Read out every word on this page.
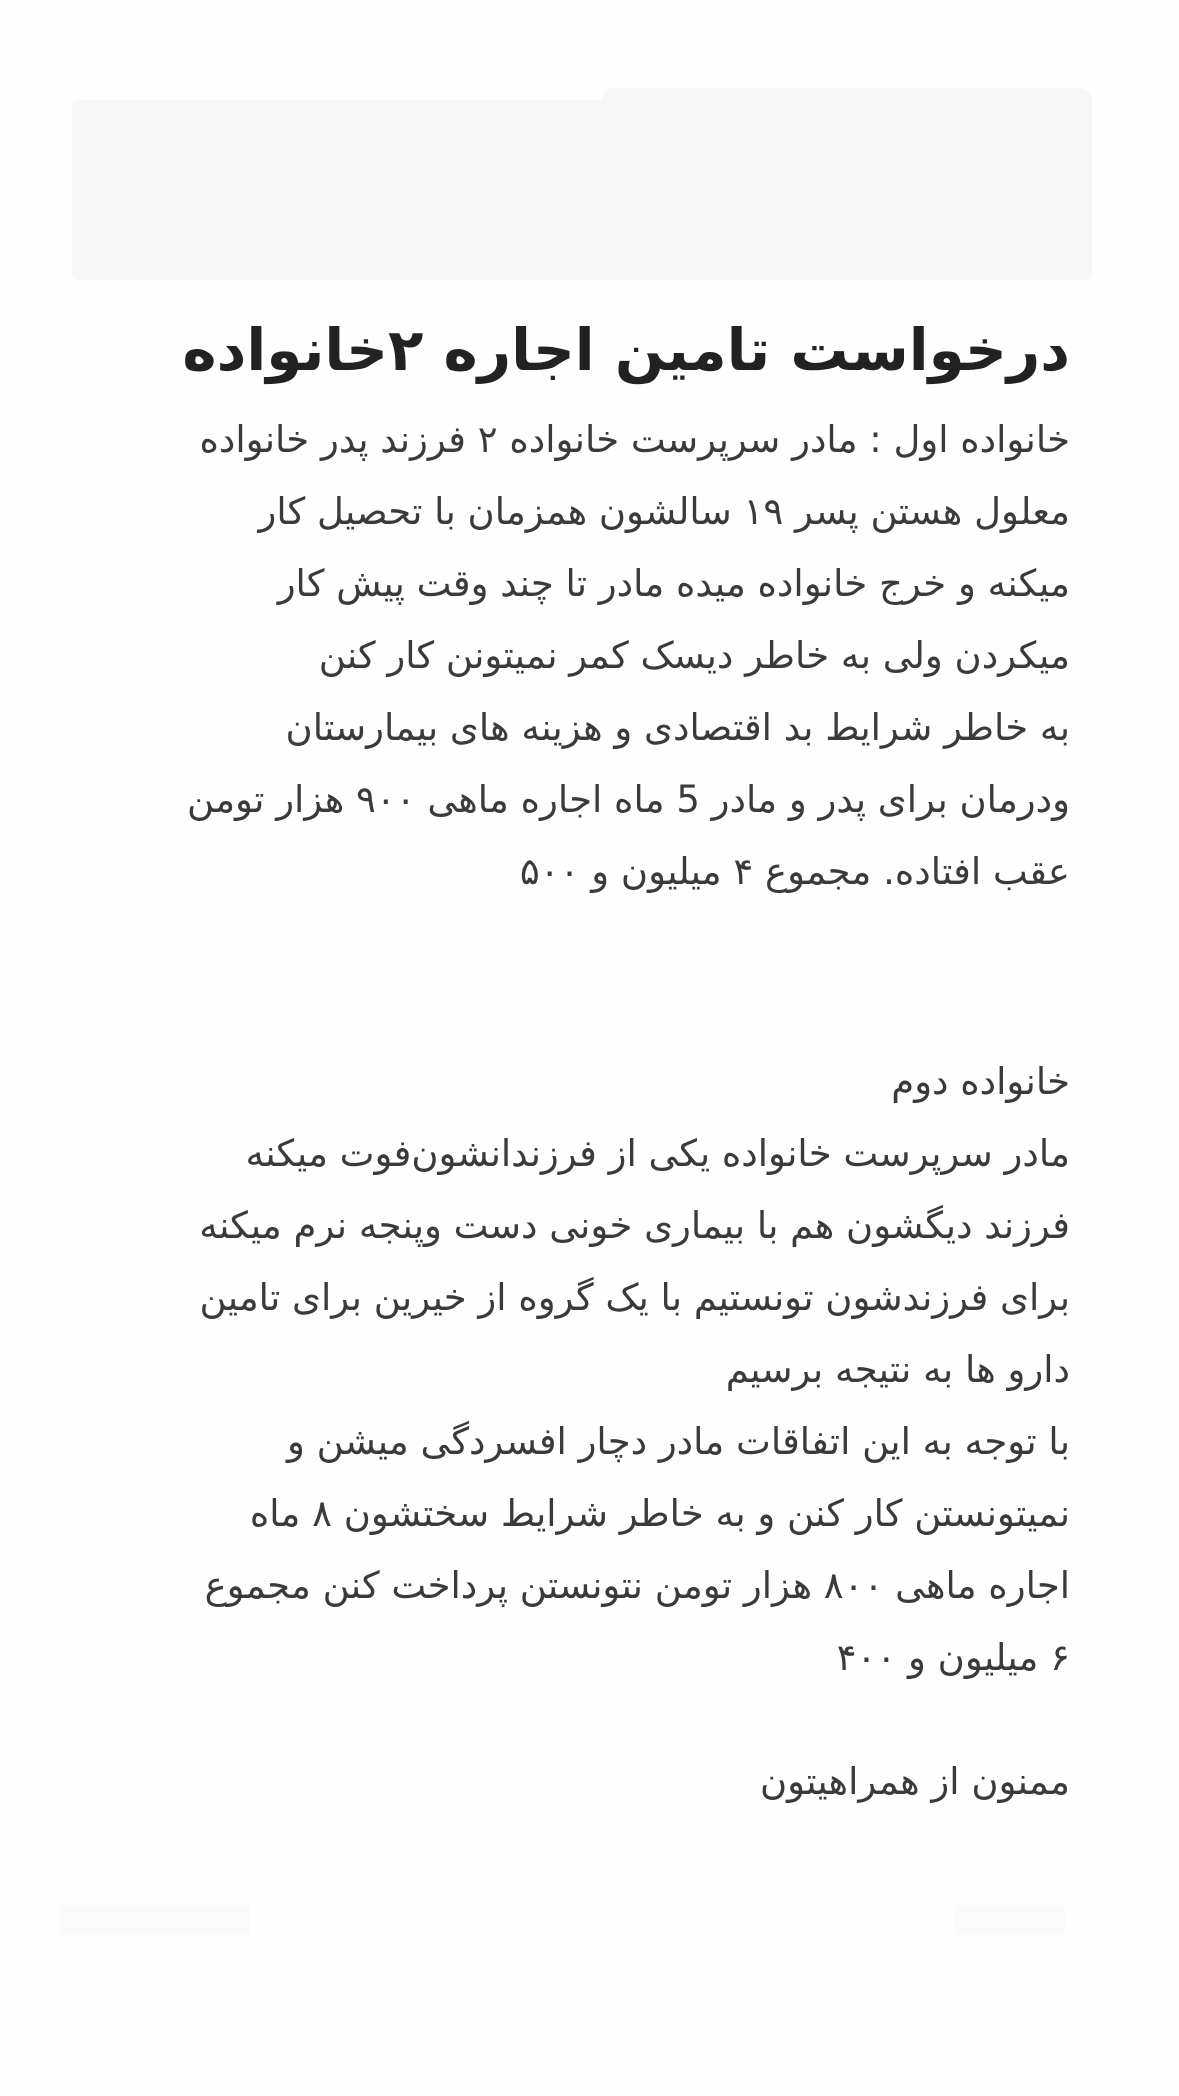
درخواست تامین اجاره ۲خانواده

خانواده اول : مادر سرپرست خانواده ۲ فرزند پدر خانواده
معلول هستن پسر ۱۹ سالشون همزمان با تحصیل کار
میکنه و خرج خانواده میده مادر تا چند وقت پیش کار
میکردن ولی به خاطر دیسک کمر نمیتونن کار کنن
به خاطر شرایط بد اقتصادی و هزینه های بیمارستان
ودرمان برای پدر و مادر 5 ماه اجاره ماهی ۹۰۰ هزار تومن
عقب افتاده. مجموع ۴ میلیون و ۵۰۰

خانواده دوم
مادر سرپرست خانواده یکی از فرزندانشون‌فوت میکنه
فرزند دیگشون هم با بیماری خونی دست وپنجه نرم میکنه
برای فرزندشون تونستیم با یک گروه از خیرین برای تامین
دارو ها به نتیجه برسیم
با توجه به این اتفاقات مادر دچار افسردگی میشن و
نمیتونستن کار کنن و به خاطر شرایط سختشون ۸ ماه
اجاره ماهی ۸۰۰ هزار تومن نتونستن پرداخت کنن مجموع
۶ میلیون و ۴۰۰

ممنون از همراهیتون
